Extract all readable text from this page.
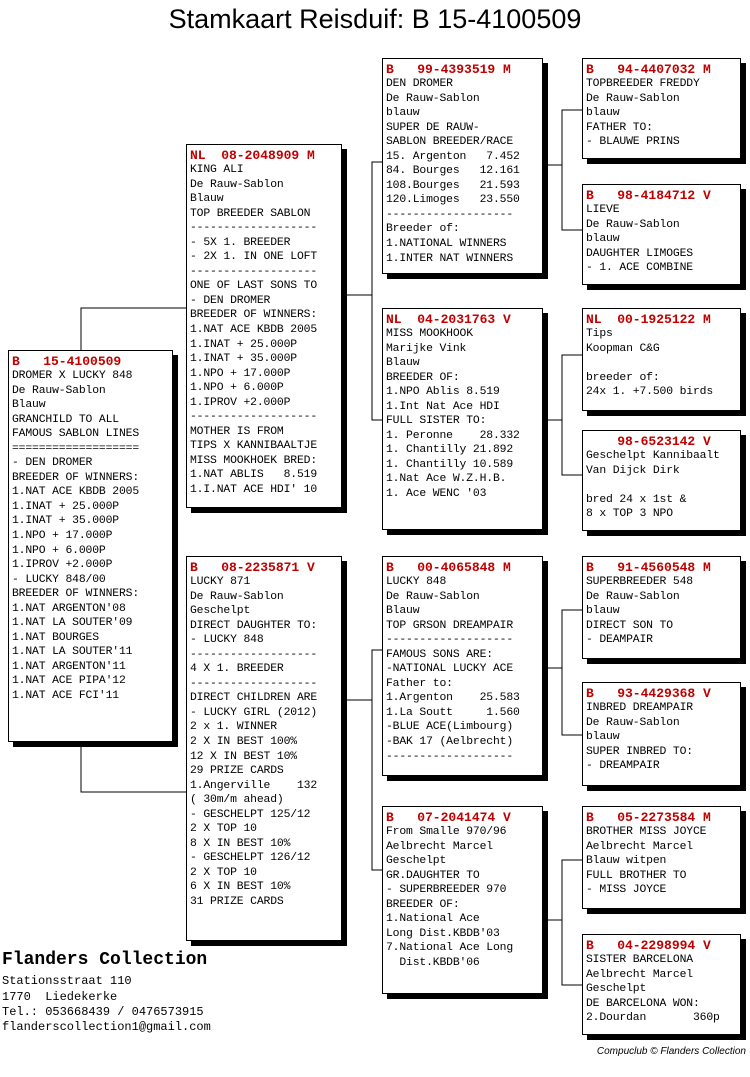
Stamkaart Reisduif: B 15-4100509
B   15-4100509
DROMER X LUCKY 848
De Rauw-Sablon
Blauw
GRANCHILD TO ALL
FAMOUS SABLON LINES
===================
- DEN DROMER
BREEDER OF WINNERS:
1.NAT ACE KBDB 2005
1.INAT + 25.000P
1.INAT + 35.000P
1.NPO + 17.000P
1.NPO + 6.000P
1.IPROV +2.000P
- LUCKY 848/00
BREEDER OF WINNERS:
1.NAT ARGENTON'08
1.NAT LA SOUTER'09
1.NAT BOURGES
1.NAT LA SOUTER'11
1.NAT ARGENTON'11
1.NAT ACE PIPA'12
1.NAT ACE FCI'11
NL  08-2048909 M
KING ALI
De Rauw-Sablon
Blauw
TOP BREEDER SABLON
-------------------
- 5X 1. BREEDER
- 2X 1. IN ONE LOFT
-------------------
ONE OF LAST SONS TO
- DEN DROMER
BREEDER OF WINNERS:
1.NAT ACE KBDB 2005
1.INAT + 25.000P
1.INAT + 35.000P
1.NPO + 17.000P
1.NPO + 6.000P
1.IPROV +2.000P
-------------------
MOTHER IS FROM
TIPS X KANNIBAALTJE
MISS MOOKHOEK BRED:
1.NAT ABLIS   8.519
1.I.NAT ACE HDI' 10
B   08-2235871 V
LUCKY 871
De Rauw-Sablon
Geschelpt
DIRECT DAUGHTER TO:
- LUCKY 848
-------------------
4 X 1. BREEDER
-------------------
DIRECT CHILDREN ARE
- LUCKY GIRL (2012)
2 x 1. WINNER
2 X IN BEST 100%
12 X IN BEST 10%
29 PRIZE CARDS
1.Angerville    132
( 30m/m ahead)
- GESCHELPT 125/12
2 X TOP 10
8 X IN BEST 10%
- GESCHELPT 126/12
2 X TOP 10
6 X IN BEST 10%
31 PRIZE CARDS
B   99-4393519 M
DEN DROMER
De Rauw-Sablon
blauw
SUPER DE RAUW-
SABLON BREEDER/RACE
15. Argenton   7.452
84. Bourges   12.161
108.Bourges   21.593
120.Limoges   23.550
-------------------
Breeder of:
1.NATIONAL WINNERS
1.INTER NAT WINNERS
NL  04-2031763 V
MISS MOOKHOOK
Marijke Vink
Blauw
BREEDER OF:
1.NPO Ablis 8.519
1.Int Nat Ace HDI
FULL SISTER TO:
1. Peronne    28.332
1. Chantilly 21.892
1. Chantilly 10.589
1.Nat Ace W.Z.H.B.
1. Ace WENC '03
B   00-4065848 M
LUCKY 848
De Rauw-Sablon
Blauw
TOP GRSON DREAMPAIR
-------------------
FAMOUS SONS ARE:
-NATIONAL LUCKY ACE
Father to:
1.Argenton    25.583
1.La Soutt     1.560
-BLUE ACE(Limbourg)
-BAK 17 (Aelbrecht)
-------------------
B   07-2041474 V
From Smalle 970/96
Aelbrecht Marcel
Geschelpt
GR.DAUGHTER TO
- SUPERBREEDER 970
BREEDER OF:
1.National Ace
Long Dist.KBDB'03
7.National Ace Long
Dist.KBDB'06
B   94-4407032 M
TOPBREEDER FREDDY
De Rauw-Sablon
blauw
FATHER TO:
- BLAUWE PRINS
B   98-4184712 V
LIEVE
De Rauw-Sablon
blauw
DAUGHTER LIMOGES
- 1. ACE COMBINE
NL  00-1925122 M
Tips
Koopman C&G

breeder of:
24x 1. +7.500 birds
98-6523142 V
Geschelpt Kannibaalt
Van Dijck Dirk

bred 24 x 1st &
8 x TOP 3 NPO
B   91-4560548 M
SUPERBREEDER 548
De Rauw-Sablon
blauw
DIRECT SON TO
- DEAMPAIR
B   93-4429368 V
INBRED DREAMPAIR
De Rauw-Sablon
blauw
SUPER INBRED TO:
- DREAMPAIR
B   05-2273584 M
BROTHER MISS JOYCE
Aelbrecht Marcel
Blauw witpen
FULL BROTHER TO
- MISS JOYCE
B   04-2298994 V
SISTER BARCELONA
Aelbrecht Marcel
Geschelpt
DE BARCELONA WON:
2.Dourdan       360p
Flanders Collection
Stationsstraat 110
1770  Liedekerke
Tel.: 053668439 / 0476573915
flanderscollection1@gmail.com
Compuclub © Flanders Collection
